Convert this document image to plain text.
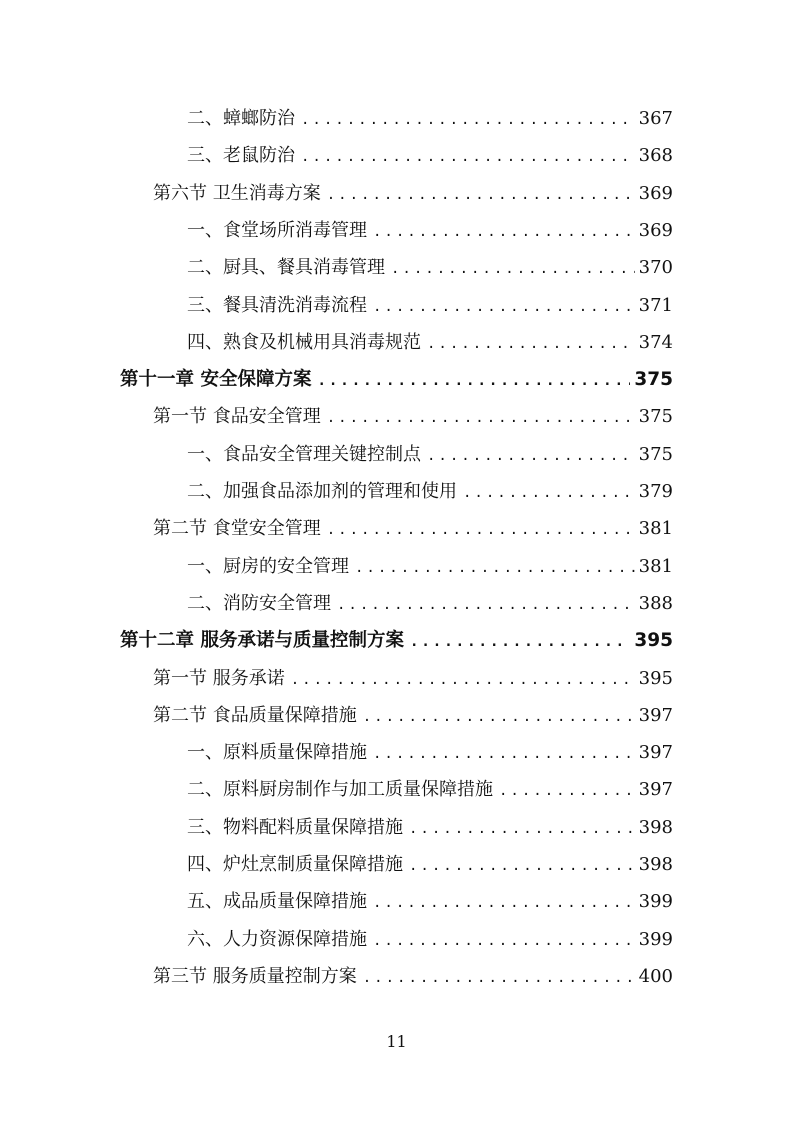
二、蟑螂防治 .....	367
三、老鼠防治 .....	368
第六节 卫生消毒方案 .....	369
一、食堂场所消毒管理 .....	369
二、厨具、餐具消毒管理 .....	370
三、餐具清洗消毒流程 .....	371
四、熟食及机械用具消毒规范 .....	374
第十一章 安全保障方案 .....	375
第一节 食品安全管理 .....	375
一、食品安全管理关键控制点 .....	375
二、加强食品添加剂的管理和使用 .....	379
第二节 食堂安全管理 .....	381
一、厨房的安全管理 .....	381
二、消防安全管理 .....	388
第十二章 服务承诺与质量控制方案 .....	395
第一节 服务承诺 .....	395
第二节 食品质量保障措施 .....	397
一、原料质量保障措施 .....	397
二、原料厨房制作与加工质量保障措施 .....	397
三、物料配料质量保障措施 .....	398
四、炉灶烹制质量保障措施 .....	398
五、成品质量保障措施 .....	399
六、人力资源保障措施 .....	399
第三节 服务质量控制方案 .....	400
11
